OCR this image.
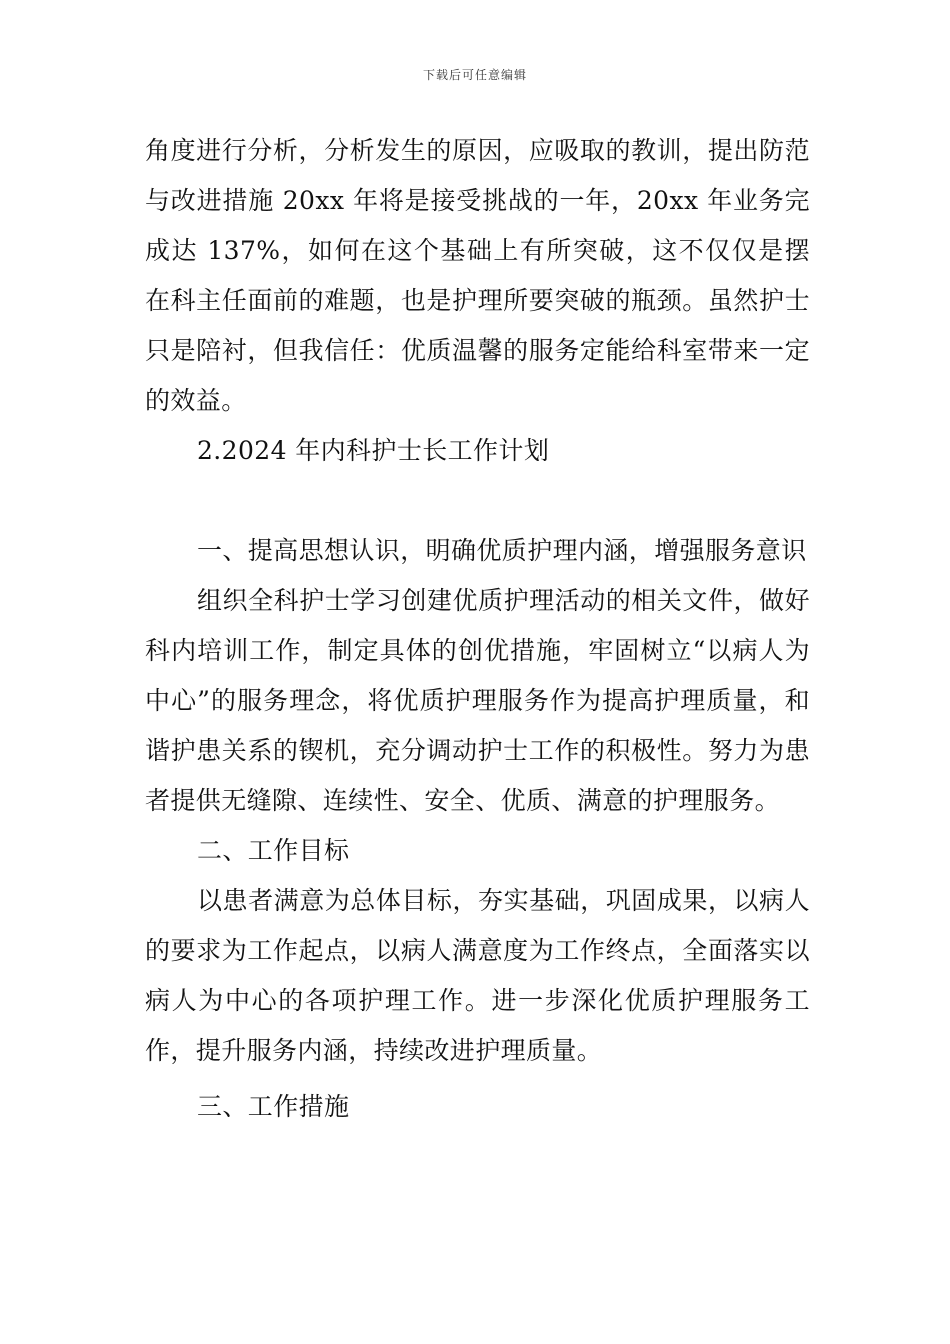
下载后可任意编辑

角度进行分析，分析发生的原因，应吸取的教训，提出防范与改进措施 20xx 年将是接受挑战的一年，20xx 年业务完成达 137%，如何在这个基础上有所突破，这不仅仅是摆在科主任面前的难题，也是护理所要突破的瓶颈。虽然护士只是陪衬，但我信任：优质温馨的服务定能给科室带来一定的效益。

2.2024 年内科护士长工作计划

一、提高思想认识，明确优质护理内涵，增强服务意识

组织全科护士学习创建优质护理活动的相关文件，做好科内培训工作，制定具体的创优措施，牢固树立“以病人为中心”的服务理念，将优质护理服务作为提高护理质量，和谐护患关系的锲机，充分调动护士工作的积极性。努力为患者提供无缝隙、连续性、安全、优质、满意的护理服务。

二、工作目标

以患者满意为总体目标，夯实基础，巩固成果，以病人的要求为工作起点，以病人满意度为工作终点，全面落实以病人为中心的各项护理工作。进一步深化优质护理服务工作，提升服务内涵，持续改进护理质量。

三、工作措施
